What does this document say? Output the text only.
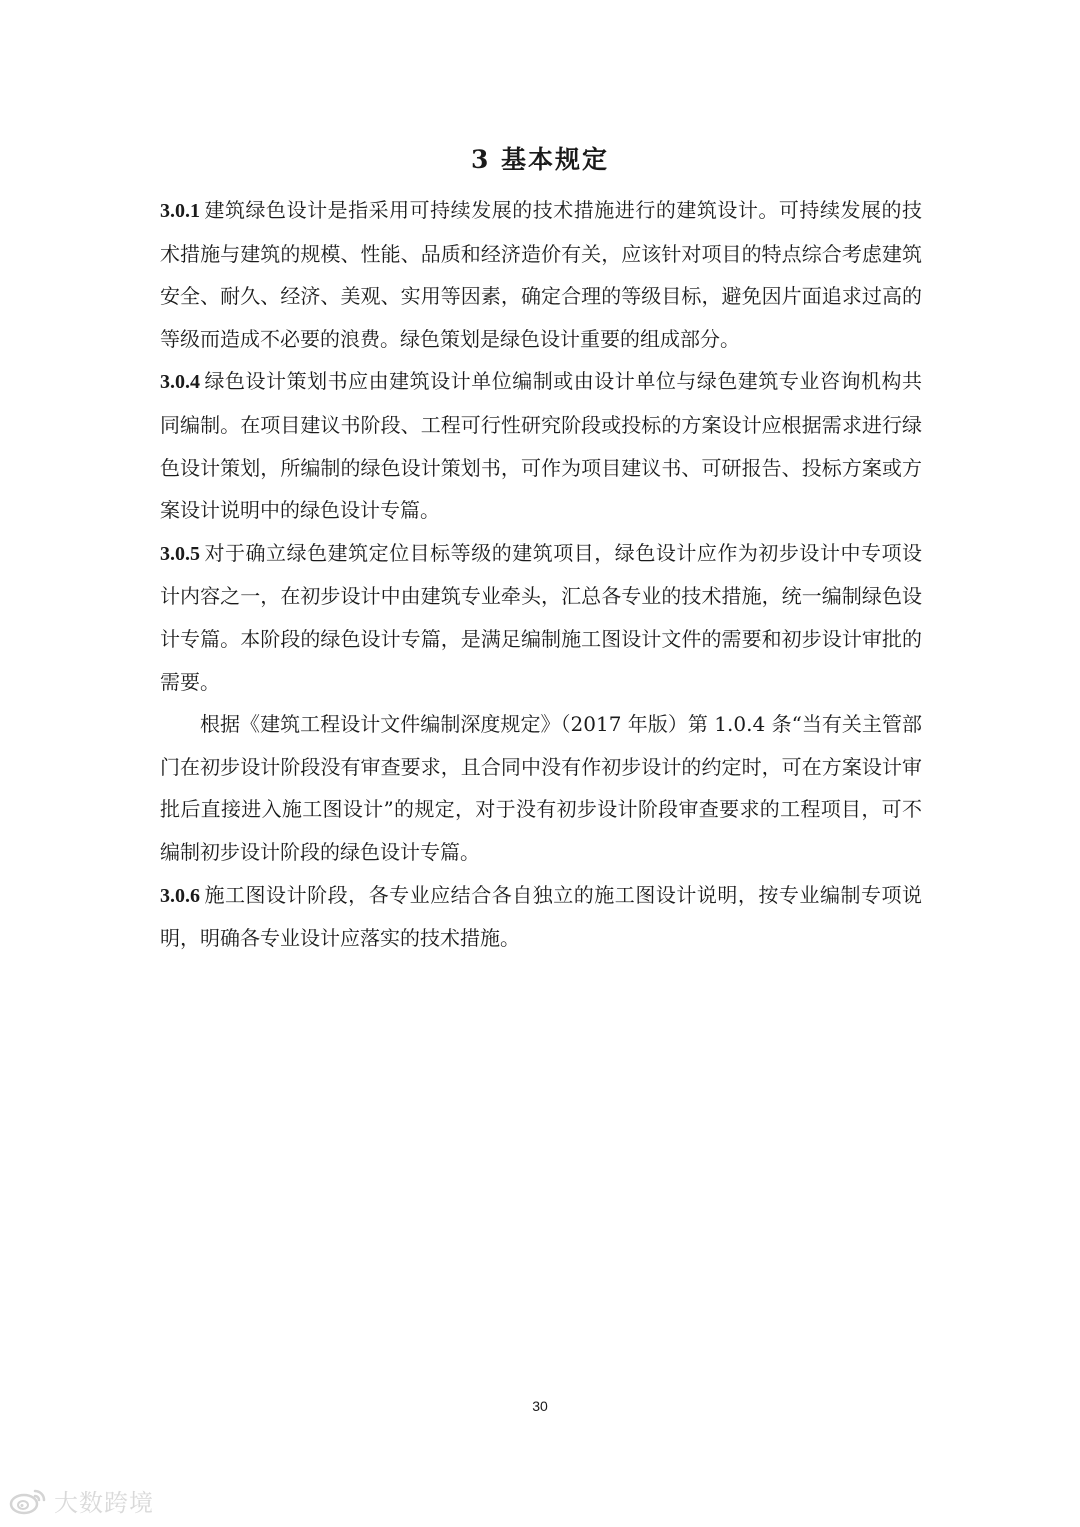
3 基本规定

3.0.1 建筑绿色设计是指采用可持续发展的技术措施进行的建筑设计。可持续发展的技术措施与建筑的规模、性能、品质和经济造价有关，应该针对项目的特点综合考虑建筑安全、耐久、经济、美观、实用等因素，确定合理的等级目标，避免因片面追求过高的等级而造成不必要的浪费。绿色策划是绿色设计重要的组成部分。

3.0.4 绿色设计策划书应由建筑设计单位编制或由设计单位与绿色建筑专业咨询机构共同编制。在项目建议书阶段、工程可行性研究阶段或投标的方案设计应根据需求进行绿色设计策划，所编制的绿色设计策划书，可作为项目建议书、可研报告、投标方案或方案设计说明中的绿色设计专篇。

3.0.5 对于确立绿色建筑定位目标等级的建筑项目，绿色设计应作为初步设计中专项设计内容之一，在初步设计中由建筑专业牵头，汇总各专业的技术措施，统一编制绿色设计专篇。本阶段的绿色设计专篇，是满足编制施工图设计文件的需要和初步设计审批的需要。

根据《建筑工程设计文件编制深度规定》（2017 年版）第 1.0.4 条“当有关主管部门在初步设计阶段没有审查要求，且合同中没有作初步设计的约定时，可在方案设计审批后直接进入施工图设计”的规定，对于没有初步设计阶段审查要求的工程项目，可不编制初步设计阶段的绿色设计专篇。

3.0.6 施工图设计阶段，各专业应结合各自独立的施工图设计说明，按专业编制专项说明，明确各专业设计应落实的技术措施。

30
大数跨境
